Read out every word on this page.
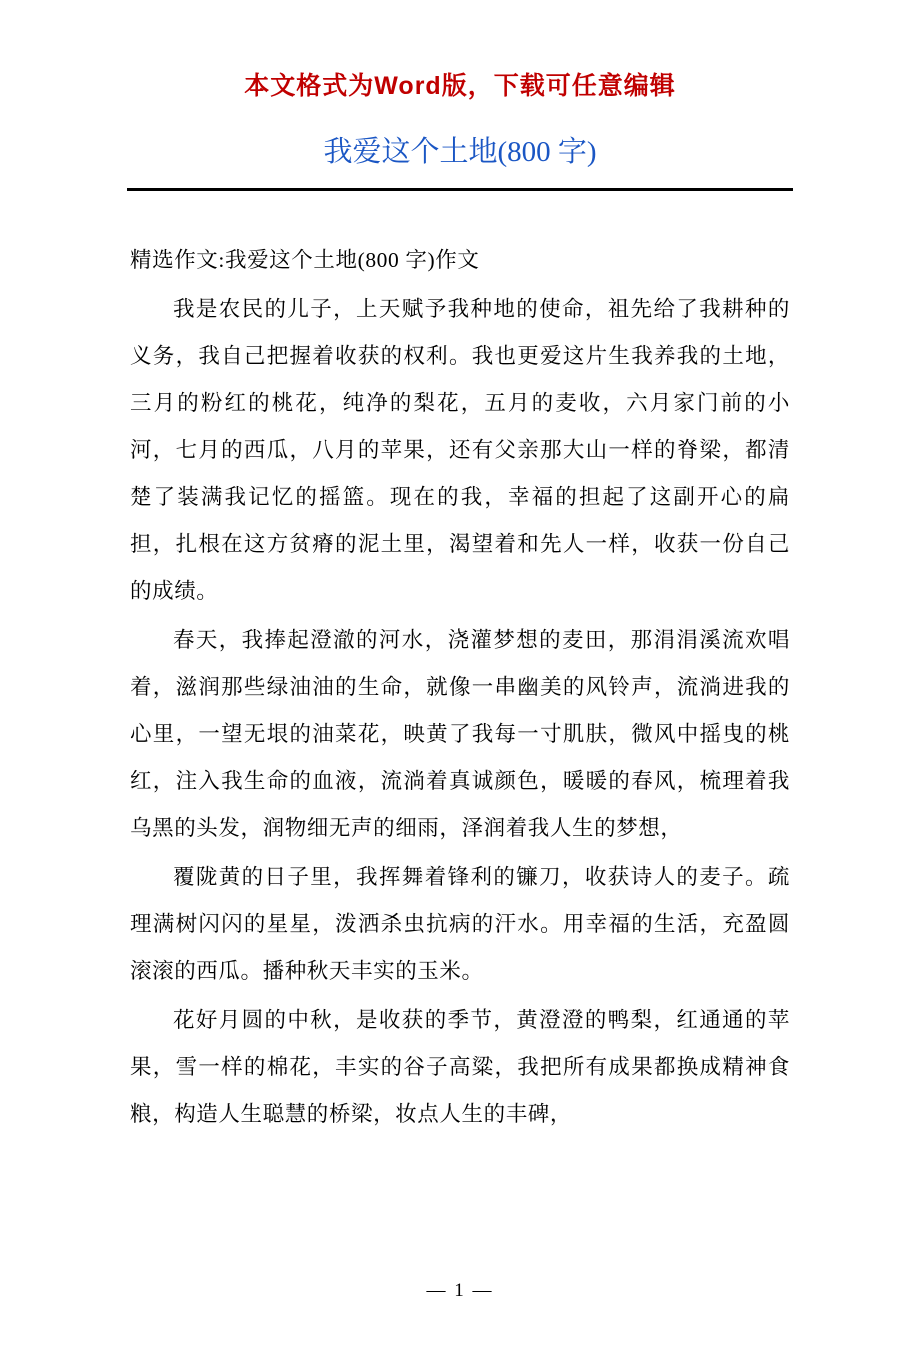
本文格式为Word版，下载可任意编辑
我爱这个土地(800 字)

精选作文:我爱这个土地(800 字)作文

我是农民的儿子，上天赋予我种地的使命，祖先给了我耕种的义务，我自己把握着收获的权利。我也更爱这片生我养我的土地，三月的粉红的桃花，纯净的梨花，五月的麦收，六月家门前的小河，七月的西瓜，八月的苹果，还有父亲那大山一样的脊梁，都清楚了装满我记忆的摇篮。现在的我，幸福的担起了这副开心的扁担，扎根在这方贫瘠的泥土里，渴望着和先人一样，收获一份自己的成绩。

春天，我捧起澄澈的河水，浇灌梦想的麦田，那涓涓溪流欢唱着，滋润那些绿油油的生命，就像一串幽美的风铃声，流淌进我的心里，一望无垠的油菜花，映黄了我每一寸肌肤，微风中摇曳的桃红，注入我生命的血液，流淌着真诚颜色，暖暖的春风，梳理着我乌黑的头发，润物细无声的细雨，泽润着我人生的梦想，

覆陇黄的日子里，我挥舞着锋利的镰刀，收获诗人的麦子。疏理满树闪闪的星星，泼洒杀虫抗病的汗水。用幸福的生活，充盈圆滚滚的西瓜。播种秋天丰实的玉米。

花好月圆的中秋，是收获的季节，黄澄澄的鸭梨，红通通的苹果，雪一样的棉花，丰实的谷子高粱，我把所有成果都换成精神食粮，构造人生聪慧的桥梁，妆点人生的丰碑，

— 1 —
